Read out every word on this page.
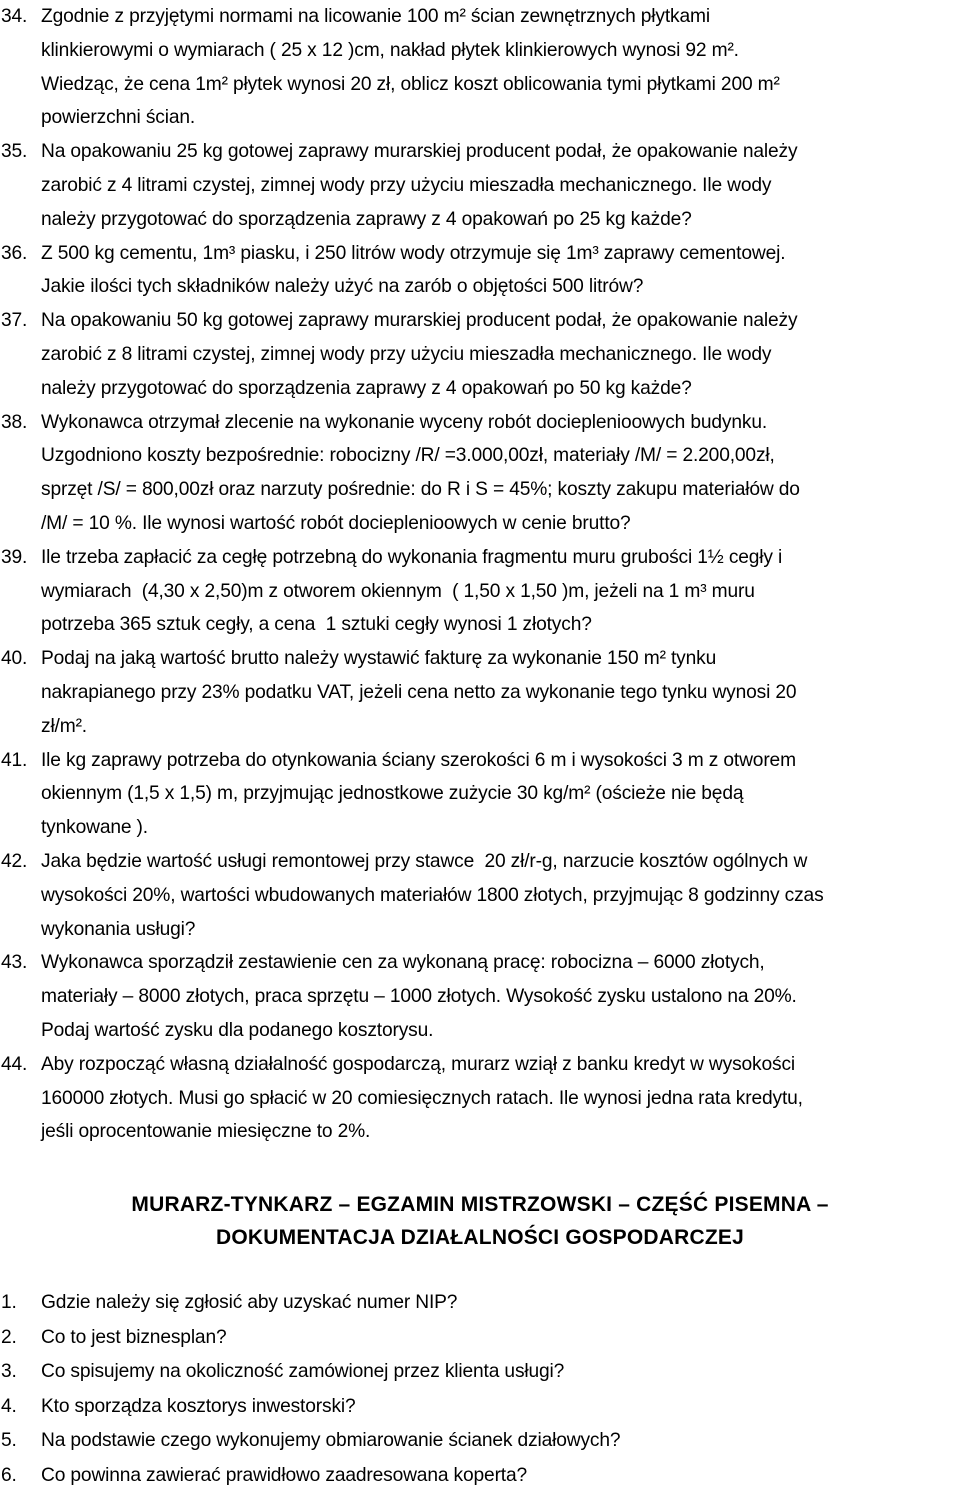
34. Zgodnie z przyjętymi normami na licowanie 100 m² ścian zewnętrznych płytkami
klinkierowymi o wymiarach ( 25 x 12 )cm, nakład płytek klinkierowych wynosi 92 m².
Wiedząc, że cena 1m² płytek wynosi 20 zł, oblicz koszt oblicowania tymi płytkami 200 m²
powierzchni ścian.
35. Na opakowaniu 25 kg gotowej zaprawy murarskiej producent podał, że opakowanie należy
zarobić z 4 litrami czystej, zimnej wody przy użyciu mieszadła mechanicznego. Ile wody
należy przygotować do sporządzenia zaprawy z 4 opakowań po 25 kg każde?
36. Z 500 kg cementu, 1m³ piasku, i 250 litrów wody otrzymuje się 1m³ zaprawy cementowej.
Jakie ilości tych składników należy użyć na zarób o objętości 500 litrów?
37. Na opakowaniu 50 kg gotowej zaprawy murarskiej producent podał, że opakowanie należy
zarobić z 8 litrami czystej, zimnej wody przy użyciu mieszadła mechanicznego. Ile wody
należy przygotować do sporządzenia zaprawy z 4 opakowań po 50 kg każde?
38. Wykonawca otrzymał zlecenie na wykonanie wyceny robót docieplenioowych budynku.
Uzgodniono koszty bezpośrednie: robocizny /R/ =3.000,00zł, materiały /M/ = 2.200,00zł,
sprzęt /S/ = 800,00zł oraz narzuty pośrednie: do R i S = 45%; koszty zakupu materiałów do
/M/ = 10 %. Ile wynosi wartość robót docieplenioowych w cenie brutto?
39. Ile trzeba zapłacić za cegłę potrzebną do wykonania fragmentu muru grubości 1½ cegły i
wymiarach  (4,30 x 2,50)m z otworem okiennym  ( 1,50 x 1,50 )m, jeżeli na 1 m³ muru
potrzeba 365 sztuk cegły, a cena  1 sztuki cegły wynosi 1 złotych?
40. Podaj na jaką wartość brutto należy wystawić fakturę za wykonanie 150 m² tynku
nakrapianego przy 23% podatku VAT, jeżeli cena netto za wykonanie tego tynku wynosi 20
zł/m².
41. Ile kg zaprawy potrzeba do otynkowania ściany szerokości 6 m i wysokości 3 m z otworem
okiennym (1,5 x 1,5) m, przyjmując jednostkowe zużycie 30 kg/m² (ościeże nie będą
tynkowane ).
42. Jaka będzie wartość usługi remontowej przy stawce  20 zł/r-g, narzucie kosztów ogólnych w
wysokości 20%, wartości wbudowanych materiałów 1800 złotych, przyjmując 8 godzinny czas
wykonania usługi?
43. Wykonawca sporządził zestawienie cen za wykonaną pracę: robocizna – 6000 złotych,
materiały – 8000 złotych, praca sprzętu – 1000 złotych. Wysokość zysku ustalono na 20%.
Podaj wartość zysku dla podanego kosztorysu.
44. Aby rozpocząć własną działalność gospodarczą, murarz wziął z banku kredyt w wysokości
160000 złotych. Musi go spłacić w 20 comiesięcznych ratach. Ile wynosi jedna rata kredytu,
jeśli oprocentowanie miesięczne to 2%.
MURARZ-TYNKARZ – EGZAMIN MISTRZOWSKI – CZĘŚĆ PISEMNA –
DOKUMENTACJA DZIAŁALNOŚCI GOSPODARCZEJ
1. Gdzie należy się zgłosić aby uzyskać numer NIP?
2. Co to jest biznesplan?
3. Co spisujemy na okoliczność zamówionej przez klienta usługi?
4. Kto sporządza kosztorys inwestorski?
5. Na podstawie czego wykonujemy obmiarowanie ścianek działowych?
6. Co powinna zawierać prawidłowo zaadresowana koperta?
